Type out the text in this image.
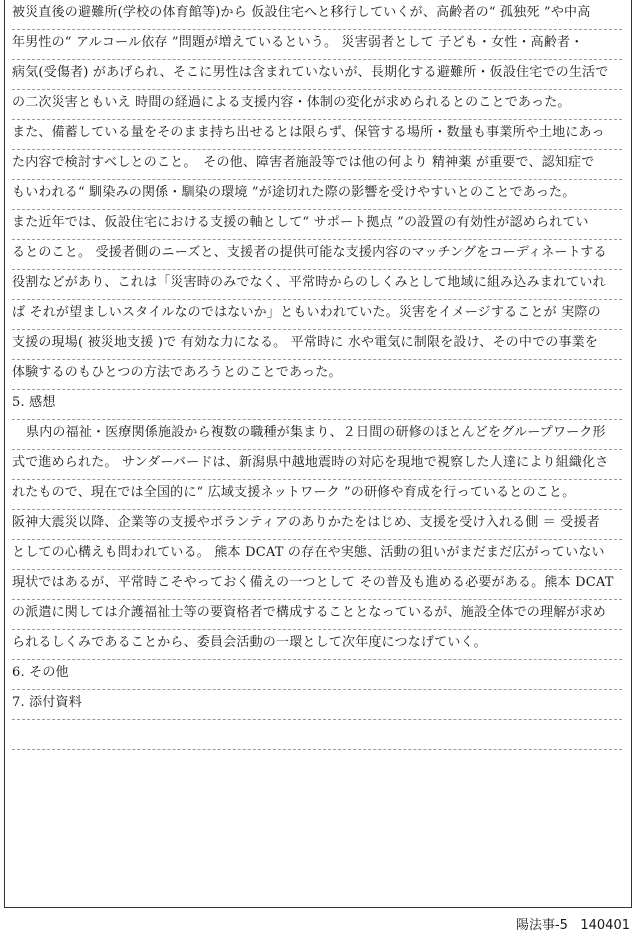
被災直後の避難所(学校の体育館等)から 仮設住宅へと移行していくが、高齢者の“ 孤独死 ”や中高
年男性の“ アルコール依存 ”問題が増えているという。 災害弱者として 子ども・女性・高齢者・
病気(受傷者) があげられ、そこに男性は含まれていないが、長期化する避難所・仮設住宅での生活で
の二次災害ともいえ 時間の経過による支援内容・体制の変化が求められるとのことであった。
また、備蓄している量をそのまま持ち出せるとは限らず、保管する場所・数量も事業所や土地にあっ
た内容で検討すべしとのこと。　その他、障害者施設等では他の何より 精神薬 が重要で、認知症で
もいわれる“ 馴染みの関係・馴染の環境 ”が途切れた際の影響を受けやすいとのことであった。
また近年では、仮設住宅における支援の軸として“ サポート拠点 ”の設置の有効性が認められてい
るとのこと。 受援者側のニーズと、支援者の提供可能な支援内容のマッチングをコーディネートする
役割などがあり、これは「災害時のみでなく、平常時からのしくみとして地域に組み込みまれていれ
ば それが望ましいスタイルなのではないか」ともいわれていた。災害をイメージすることが 実際の
支援の現場( 被災地支援 )で 有効な力になる。 平常時に 水や電気に制限を設け、その中での事業を
体験するのもひとつの方法であろうとのことであった。
5. 感想
県内の福祉・医療関係施設から複数の職種が集まり、２日間の研修のほとんどをグループワーク形
式で進められた。 サンダーバードは、新潟県中越地震時の対応を現地で視察した人達により組織化さ
れたもので、現在では全国的に“ 広域支援ネットワーク ”の研修や育成を行っているとのこと。
阪神大震災以降、企業等の支援やボランティアのありかたをはじめ、支援を受け入れる側 ＝ 受援者
としての心構えも問われている。 熊本 DCAT の存在や実態、活動の狙いがまだまだ広がっていない
現状ではあるが、平常時こそやっておく備えの一つとして その普及も進める必要がある。熊本 DCAT
の派遣に関しては介護福祉士等の要資格者で構成することとなっているが、施設全体での理解が求め
られるしくみであることから、委員会活動の一環として次年度につなげていく。
6. その他
7. 添付資料
陽法事-5 140401
